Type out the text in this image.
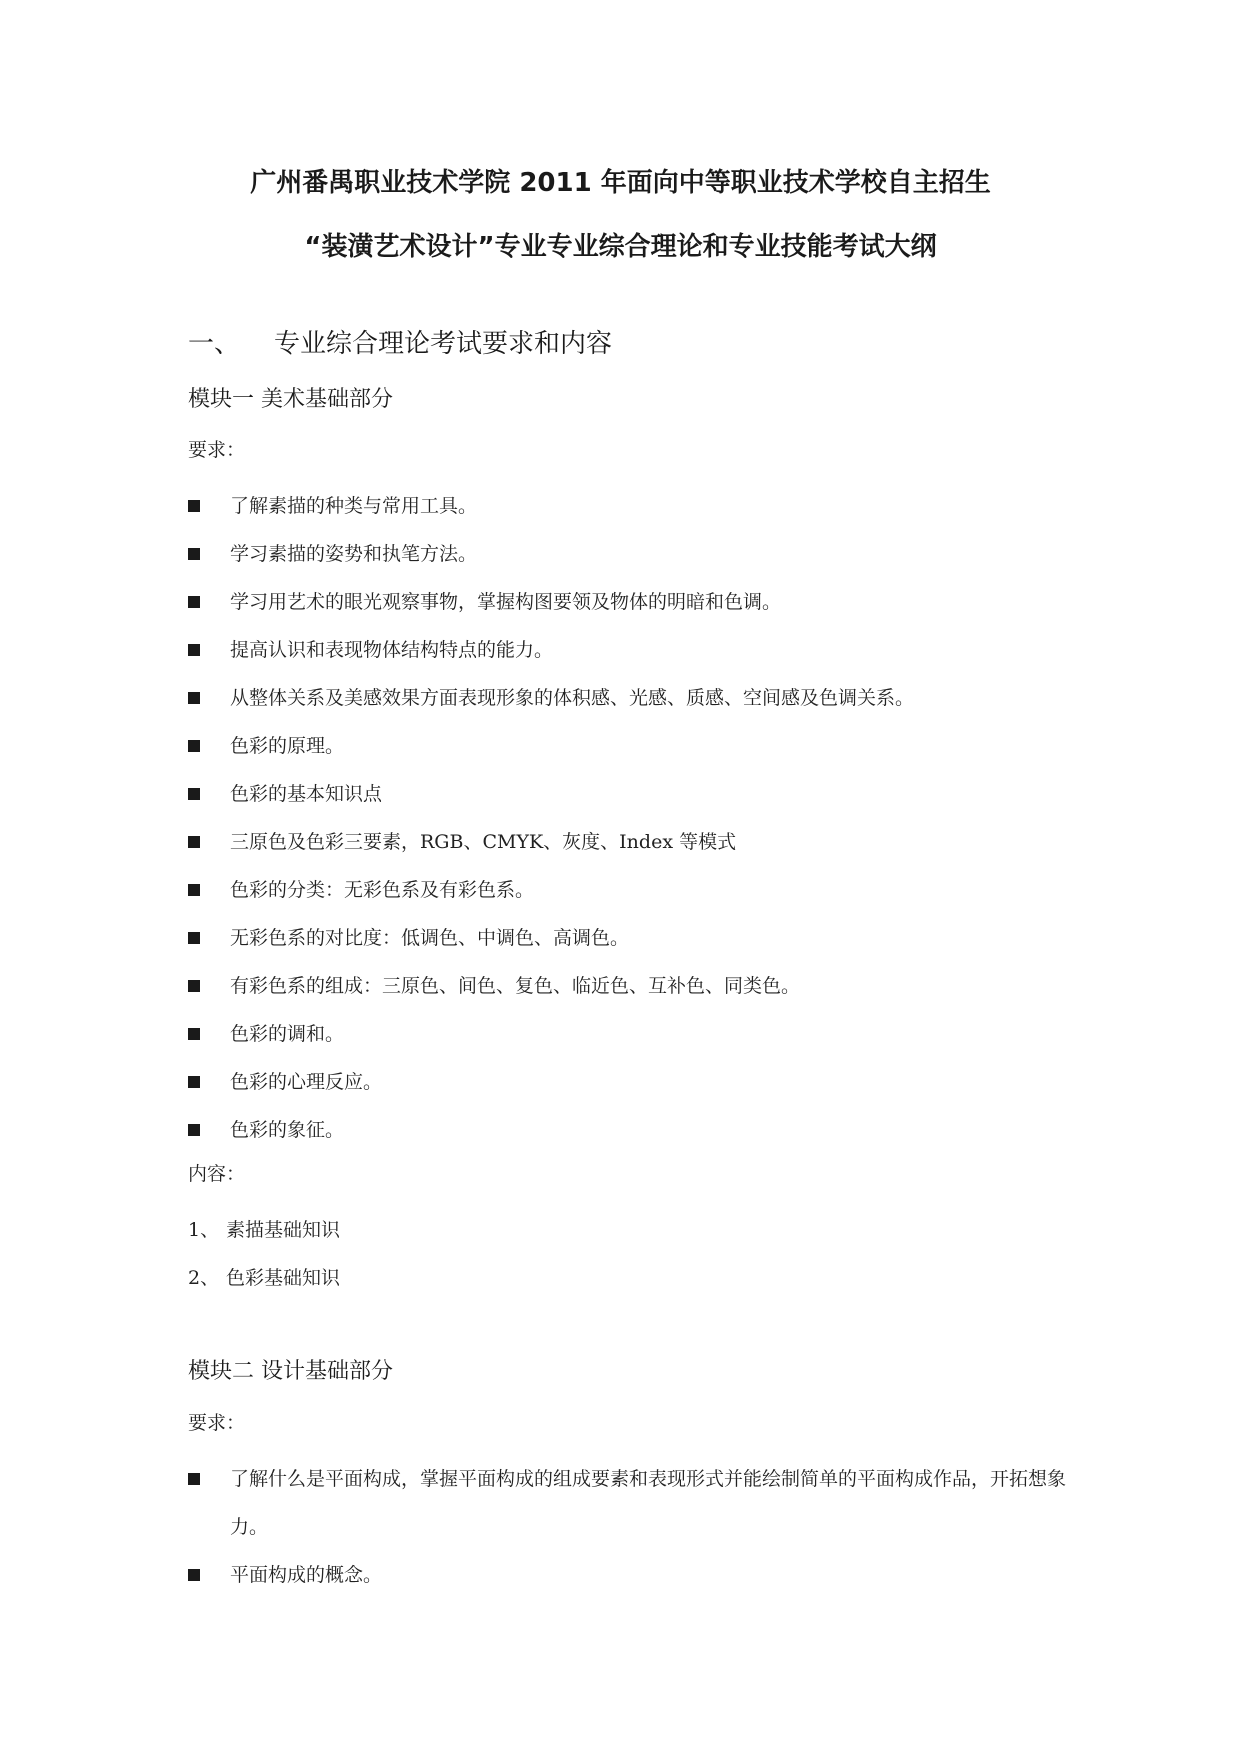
广州番禺职业技术学院 2011 年面向中等职业技术学校自主招生
“装潢艺术设计”专业专业综合理论和专业技能考试大纲
一、 专业综合理论考试要求和内容
模块一 美术基础部分
要求：
了解素描的种类与常用工具。
学习素描的姿势和执笔方法。
学习用艺术的眼光观察事物，掌握构图要领及物体的明暗和色调。
提高认识和表现物体结构特点的能力。
从整体关系及美感效果方面表现形象的体积感、光感、质感、空间感及色调关系。
色彩的原理。
色彩的基本知识点
三原色及色彩三要素，RGB、CMYK、灰度、Index 等模式
色彩的分类：无彩色系及有彩色系。
无彩色系的对比度：低调色、中调色、高调色。
有彩色系的组成：三原色、间色、复色、临近色、互补色、同类色。
色彩的调和。
色彩的心理反应。
色彩的象征。
内容：
1、 素描基础知识
2、 色彩基础知识
模块二 设计基础部分
要求：
了解什么是平面构成，掌握平面构成的组成要素和表现形式并能绘制简单的平面构成作品，开拓想象力。
平面构成的概念。
